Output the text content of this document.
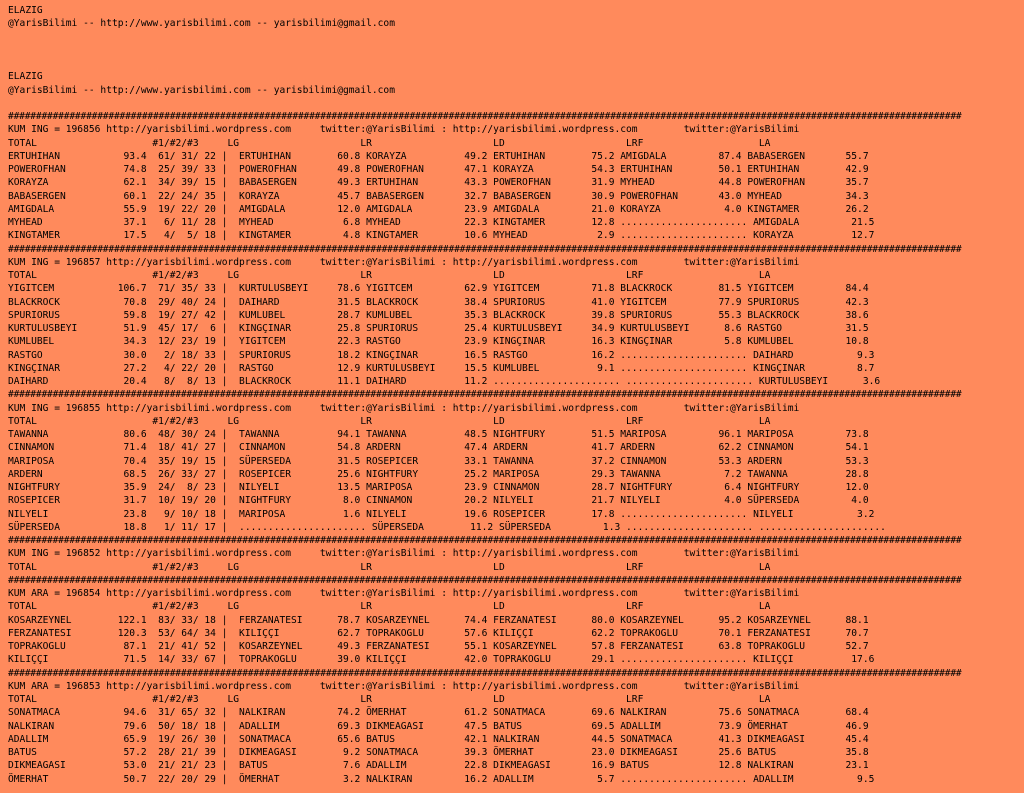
ELAZIG
@YarisBilimi -- http://www.yarisbilimi.com -- yarisbilimi@gmail.com
ELAZIG
@YarisBilimi -- http://www.yarisbilimi.com -- yarisbilimi@gmail.com
###########################################################################################################################################################################
KUM ING = 196856 http://yarisbilimi.wordpress.com     twitter:@YarisBilimi : http://yarisbilimi.wordpress.com        twitter:@YarisBilimi
TOTAL                    #1/#2/#3     LG                     LR                     LD                     LRF                    LA
ERTUHIHAN           93.4  61/ 31/ 22 |  ERTUHIHAN        60.8 KORAYZA          49.2 ERTUHIHAN        75.2 AMIGDALA         87.4 BABASERGEN       55.7
POWEROFHAN          74.8  25/ 39/ 33 |  POWEROFHAN       49.8 POWEROFHAN       47.1 KORAYZA          54.3 ERTUHIHAN        50.1 ERTUHIHAN        42.9
KORAYZA             62.1  34/ 39/ 15 |  BABASERGEN       49.3 ERTUHIHAN        43.3 POWEROFHAN       31.9 MYHEAD           44.8 POWEROFHAN       35.7
BABASERGEN          60.1  22/ 24/ 35 |  KORAYZA          45.7 BABASERGEN       32.7 BABASERGEN       30.9 POWEROFHAN       43.0 MYHEAD           34.3
AMIGDALA            55.9  19/ 22/ 20 |  AMIGDALA         12.0 AMIGDALA         23.9 AMIGDALA         21.0 KORAYZA           4.0 KINGTAMER        26.2
MYHEAD              37.1   6/ 11/ 28 |  MYHEAD            6.8 MYHEAD           22.3 KINGTAMER        12.8 ...................... AMIGDALA         21.5
KINGTAMER           17.5   4/  5/ 18 |  KINGTAMER         4.8 KINGTAMER        10.6 MYHEAD            2.9 ...................... KORAYZA          12.7
###########################################################################################################################################################################
KUM ING = 196857 http://yarisbilimi.wordpress.com     twitter:@YarisBilimi : http://yarisbilimi.wordpress.com        twitter:@YarisBilimi
TOTAL                    #1/#2/#3     LG                     LR                     LD                     LRF                    LA
YIGITCEM           106.7  71/ 35/ 33 |  KURTULUSBEYI     78.6 YIGITCEM         62.9 YIGITCEM         71.8 BLACKROCK        81.5 YIGITCEM         84.4
BLACKROCK           70.8  29/ 40/ 24 |  DAIHARD          31.5 BLACKROCK        38.4 SPURIORUS        41.0 YIGITCEM         77.9 SPURIORUS        42.3
SPURIORUS           59.8  19/ 27/ 42 |  KUMLUBEL         28.7 KUMLUBEL         35.3 BLACKROCK        39.8 SPURIORUS        55.3 BLACKROCK        38.6
KURTULUSBEYI        51.9  45/ 17/  6 |  KINGÇINAR        25.8 SPURIORUS        25.4 KURTULUSBEYI     34.9 KURTULUSBEYI      8.6 RASTGO           31.5
KUMLUBEL            34.3  12/ 23/ 19 |  YIGITCEM         22.3 RASTGO           23.9 KINGÇINAR        16.3 KINGÇINAR         5.8 KUMLUBEL         10.8
RASTGO              30.0   2/ 18/ 33 |  SPURIORUS        18.2 KINGÇINAR        16.5 RASTGO           16.2 ...................... DAIHARD           9.3
KINGÇINAR           27.2   4/ 22/ 20 |  RASTGO           12.9 KURTULUSBEYI     15.5 KUMLUBEL          9.1 ...................... KINGÇINAR         8.7
DAIHARD             20.4   8/  8/ 13 |  BLACKROCK        11.1 DAIHARD          11.2 ...................... ...................... KURTULUSBEYI      3.6
###########################################################################################################################################################################
KUM ING = 196855 http://yarisbilimi.wordpress.com     twitter:@YarisBilimi : http://yarisbilimi.wordpress.com        twitter:@YarisBilimi
TOTAL                    #1/#2/#3     LG                     LR                     LD                     LRF                    LA
TAWANNA             80.6  48/ 30/ 24 |  TAWANNA          94.1 TAWANNA          48.5 NIGHTFURY        51.5 MARIPOSA         96.1 MARIPOSA         73.8
CINNAMON            71.4  18/ 41/ 27 |  CINNAMON         54.8 ARDERN           47.4 ARDERN           41.7 ARDERN           62.2 CINNAMON         54.1
MARIPOSA            70.4  35/ 19/ 15 |  SÜPERSEDA        31.5 ROSEPICER        33.1 TAWANNA          37.2 CINNAMON         53.3 ARDERN           53.3
ARDERN              68.5  26/ 33/ 27 |  ROSEPICER        25.6 NIGHTFURY        25.2 MARIPOSA         29.3 TAWANNA           7.2 TAWANNA          28.8
NIGHTFURY           35.9  24/  8/ 23 |  NILYELI          13.5 MARIPOSA         23.9 CINNAMON         28.7 NIGHTFURY         6.4 NIGHTFURY        12.0
ROSEPICER           31.7  10/ 19/ 20 |  NIGHTFURY         8.0 CINNAMON         20.2 NILYELI          21.7 NILYELI           4.0 SÜPERSEDA         4.0
NILYELI             23.8   9/ 10/ 18 |  MARIPOSA          1.6 NILYELI          19.6 ROSEPICER        17.8 ...................... NILYELI           3.2
SÜPERSEDA           18.8   1/ 11/ 17 |  ...................... SÜPERSEDA        11.2 SÜPERSEDA         1.3 ...................... ......................
###########################################################################################################################################################################
KUM ING = 196852 http://yarisbilimi.wordpress.com     twitter:@YarisBilimi : http://yarisbilimi.wordpress.com        twitter:@YarisBilimi
TOTAL                    #1/#2/#3     LG                     LR                     LD                     LRF                    LA
###########################################################################################################################################################################
KUM ARA = 196854 http://yarisbilimi.wordpress.com     twitter:@YarisBilimi : http://yarisbilimi.wordpress.com        twitter:@YarisBilimi
TOTAL                    #1/#2/#3     LG                     LR                     LD                     LRF                    LA
KOSARZEYNEL        122.1  83/ 33/ 18 |  FERZANATESI      78.7 KOSARZEYNEL      74.4 FERZANATESI      80.0 KOSARZEYNEL      95.2 KOSARZEYNEL      88.1
FERZANATESI        120.3  53/ 64/ 34 |  KILIÇÇI          62.7 TOPRAKOGLU       57.6 KILIÇÇI          62.2 TOPRAKOGLU       70.1 FERZANATESI      70.7
TOPRAKOGLU          87.1  21/ 41/ 52 |  KOSARZEYNEL      49.3 FERZANATESI      55.1 KOSARZEYNEL      57.8 FERZANATESI      63.8 TOPRAKOGLU       52.7
KILIÇÇI             71.5  14/ 33/ 67 |  TOPRAKOGLU       39.0 KILIÇÇI          42.0 TOPRAKOGLU       29.1 ...................... KILIÇÇI          17.6
###########################################################################################################################################################################
KUM ARA = 196853 http://yarisbilimi.wordpress.com     twitter:@YarisBilimi : http://yarisbilimi.wordpress.com        twitter:@YarisBilimi
TOTAL                    #1/#2/#3     LG                     LR                     LD                     LRF                    LA
SONATMACA           94.6  31/ 65/ 32 |  NALKIRAN         74.2 ÖMERHAT          61.2 SONATMACA        69.6 NALKIRAN         75.6 SONATMACA        68.4
NALKIRAN            79.6  50/ 18/ 18 |  ADALLIM          69.3 DIKMEAGASI       47.5 BATUS            69.5 ADALLIM          73.9 ÖMERHAT          46.9
ADALLIM             65.9  19/ 26/ 30 |  SONATMACA        65.6 BATUS            42.1 NALKIRAN         44.5 SONATMACA        41.3 DIKMEAGASI       45.4
BATUS               57.2  28/ 21/ 39 |  DIKMEAGASI        9.2 SONATMACA        39.3 ÖMERHAT          23.0 DIKMEAGASI       25.6 BATUS            35.8
DIKMEAGASI          53.0  21/ 21/ 23 |  BATUS             7.6 ADALLIM          22.8 DIKMEAGASI       16.9 BATUS            12.8 NALKIRAN         23.1
ÖMERHAT             50.7  22/ 20/ 29 |  ÖMERHAT           3.2 NALKIRAN         16.2 ADALLIM           5.7 ...................... ADALLIM           9.5
